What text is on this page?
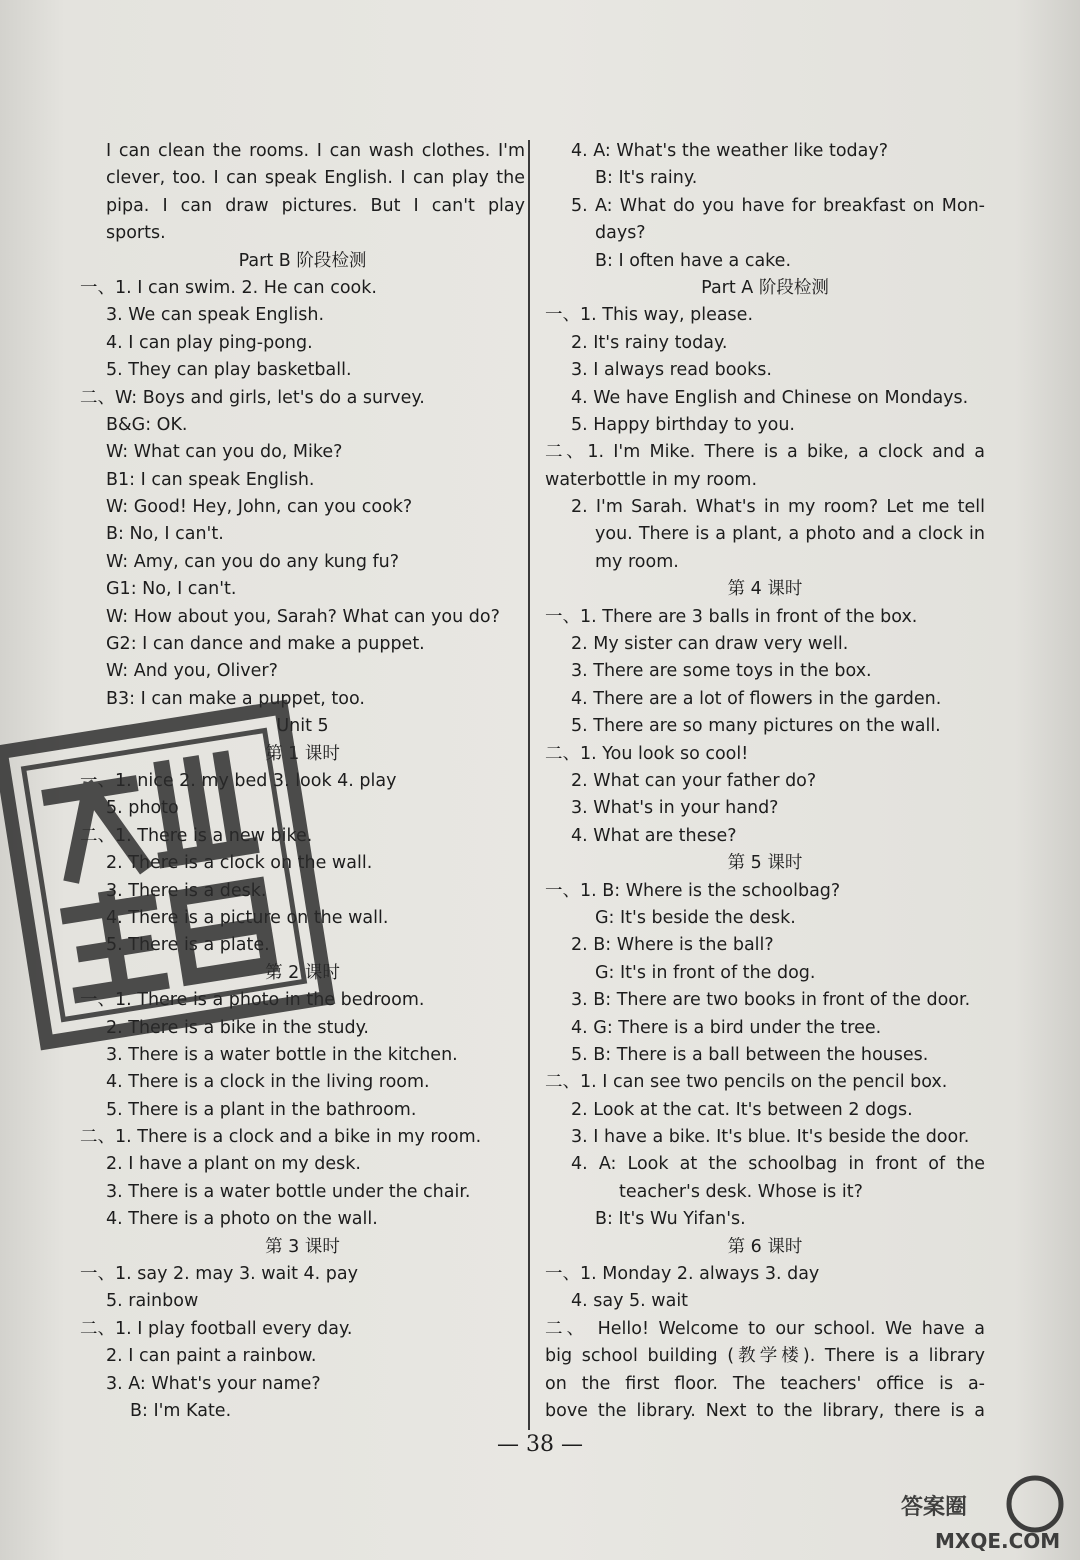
I can clean the rooms. I can wash clothes. I'm
clever, too. I can speak English. I can play the
pipa. I can draw pictures. But I can't play
sports.
Part B 阶段检测
一、1. I can swim. 2. He can cook.
3. We can speak English.
4. I can play ping-pong.
5. They can play basketball.
二、W: Boys and girls, let's do a survey.
B&G: OK.
W: What can you do, Mike?
B1: I can speak English.
W: Good! Hey, John, can you cook?
B: No, I can't.
W: Amy, can you do any kung fu?
G1: No, I can't.
W: How about you, Sarah? What can you do?
G2: I can dance and make a puppet.
W: And you, Oliver?
B3: I can make a puppet, too.
Unit 5
第 1 课时
一、1. nice 2. my bed 3. look 4. play
5. photo
二、1. There is a new bike.
2. There is a clock on the wall.
3. There is a desk.
4. There is a picture on the wall.
5. There is a plate.
第 2 课时
一、1. There is a photo in the bedroom.
2. There is a bike in the study.
3. There is a water bottle in the kitchen.
4. There is a clock in the living room.
5. There is a plant in the bathroom.
二、1. There is a clock and a bike in my room.
2. I have a plant on my desk.
3. There is a water bottle under the chair.
4. There is a photo on the wall.
第 3 课时
一、1. say 2. may 3. wait 4. pay
5. rainbow
二、1. I play football every day.
2. I can paint a rainbow.
3. A: What's your name?
B: I'm Kate.
4. A: What's the weather like today?
B: It's rainy.
5. A: What do you have for breakfast on Mon-
days?
B: I often have a cake.
Part A 阶段检测
一、1. This way, please.
2. It's rainy today.
3. I always read books.
4. We have English and Chinese on Mondays.
5. Happy birthday to you.
二、1. I'm Mike. There is a bike, a clock and a water bottle in my room.
2. I'm Sarah. What's in my room? Let me tell
you. There is a plant, a photo and a clock in
my room.
第 4 课时
一、1. There are 3 balls in front of the box.
2. My sister can draw very well.
3. There are some toys in the box.
4. There are a lot of flowers in the garden.
5. There are so many pictures on the wall.
二、1. You look so cool!
2. What can your father do?
3. What's in your hand?
4. What are these?
第 5 课时
一、1. B: Where is the schoolbag?
G: It's beside the desk.
2. B: Where is the ball?
G: It's in front of the dog.
3. B: There are two books in front of the door.
4. G: There is a bird under the tree.
5. B: There is a ball between the houses.
二、1. I can see two pencils on the pencil box.
2. Look at the cat. It's between 2 dogs.
3. I have a bike. It's blue. It's beside the door.
4. A: Look at the schoolbag in front of the
teacher's desk. Whose is it?
B: It's Wu Yifan's.
第 6 课时
一、1. Monday 2. always 3. day
4. say 5. wait
二、 Hello! Welcome to our school. We have a
big school building (教学楼). There is a library
on the first floor. The teachers' office is a-
bove the library. Next to the library, there is a
— 38 —
答案圈
MXQE.COM
